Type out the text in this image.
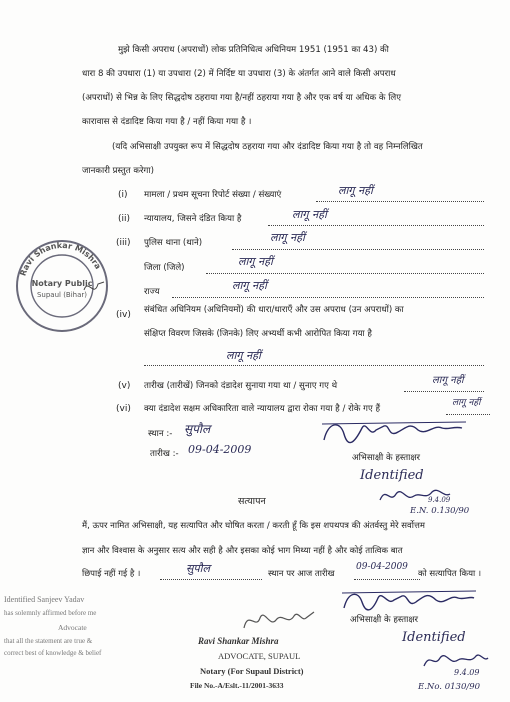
मुझे किसी अपराध (अपराधों) लोक प्रतिनिधित्व अधिनियम 1951 (1951 का 43) की
धारा 8 की उपधारा (1) या उपधारा (2) में निर्दिष्ट या उपधारा (3) के अंतर्गत आने वाले किसी अपराध
(अपराधों) से भिन्न के लिए सिद्धदोष ठहराया गया है/नहीं ठहराया गया है और एक वर्ष या अधिक के लिए
कारावास से दंडादिष्ट किया गया है / नहीं किया गया है ।
(यदि अभिसाक्षी उपयुक्त रूप में सिद्धदोष ठहराया गया और दंडादिष्ट किया गया है तो वह निम्नलिखित
जानकारी प्रस्तुत करेगा)
(i) मामला / प्रथम सूचना रिपोर्ट संख्या / संख्याएं	लागू नहीं
(ii) न्यायालय, जिसने दंडित किया है	लागू नहीं
(iii) पुलिस थाना (थाने)	लागू नहीं
जिला (जिले)	लागू नहीं
राज्य	लागू नहीं
(iv) संबंधित अधिनियम (अधिनियमों) की धारा/धाराएँ और उस अपराध (उन अपराधों) का
संक्षिप्त विवरण जिसके (जिनके) लिए अभ्यर्थी कभी आरोपित किया गया है
लागू नहीं
(v) तारीख (तारीखें) जिनको दंडादेश सुनाया गया था / सुनाए गए थे	लागू नहीं
(vi) क्या दंडादेश सक्षम अधिकारिता वाले न्यायालय द्वारा रोका गया है / रोके गए हैं
लागू नहीं
स्थान :- सुपौल
तारीख :- 09-04-2009
अभिसाक्षी के हस्ताक्षर
Identified
9.4.09
E.N. 0.130/90
सत्यापन
मैं, ऊपर नामित अभिसाक्षी, यह सत्यापित और घोषित करता / करती हूँ कि इस शपथपत्र की अंतर्वस्तु मेरे सर्वोत्तम
ज्ञान और विश्वास के अनुसार सत्य और सही है और इसका कोई भाग मिथ्या नहीं है और कोई तात्विक बात
छिपाई नहीं गई है ।	सुपौल	स्थान पर आज तारीख
09-04-2009
को सत्यापित किया ।
अभिसाक्षी के हस्ताक्षर
Identified
9.4.09
E.No. 0130/90
Ravi Shankar Mishra
Notary Public
Supaul (Bihar)
Identified Sanjeev Yadav
has solemnly affirmed before me
Advocate
that all the statement are true &
correct best of knowledge & belief
Ravi Shankar Mishra
ADVOCATE, SUPAUL
Notary (For Supaul District)
File No.-A/Eslt.-11/2001-3633
